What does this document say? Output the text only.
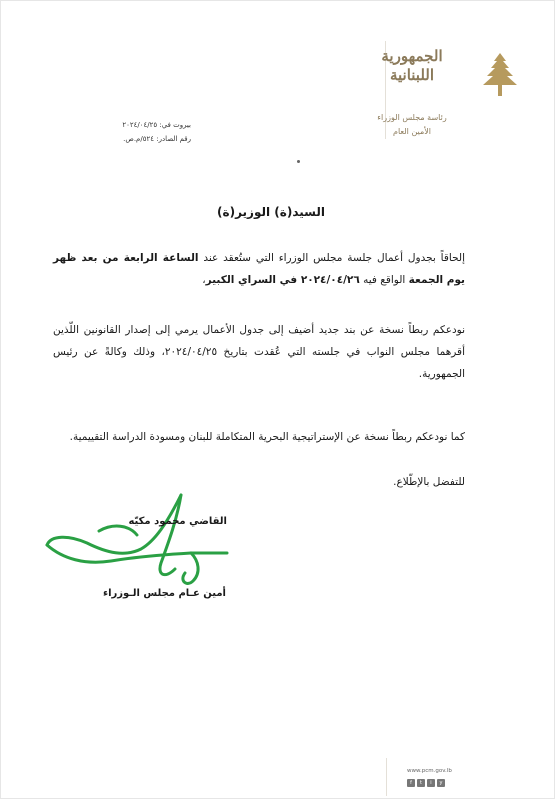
الجمهورية
اللبنانية
رئاسة مجلس الوزراء
الأمين العام
بيروت في: ٢٠٢٤/٠٤/٢٥
رقم الصادر: ٥٢٤/م.ص.
السيد(ة) الوزير(ة)
إلحاقاً بجدول أعمال جلسة مجلس الوزراء التي ستُعقد عند الساعة الرابعة من بعد ظهر يوم الجمعة الواقع فيه ٢٠٢٤/٠٤/٢٦ في السراي الكبير،
نودعكم ربطاً نسخة عن بند جديد أضيف إلى جدول الأعمال يرمي إلى إصدار القانونين اللّذين أقرهما مجلس النواب في جلسته التي عُقدت بتاريخ ٢٠٢٤/٠٤/٢٥، وذلك وكالةً عن رئيس الجمهورية.
كما نودعكم ربطاً نسخة عن الإستراتيجية البحرية المتكاملة للبنان ومسودة الدراسة التقييمية.
للتفضل بالإطّلاع.
القاضي محمود مكيّه
أمين عـام مجلس الـوزراء
www.pcm.gov.lb
f	t	i	y
